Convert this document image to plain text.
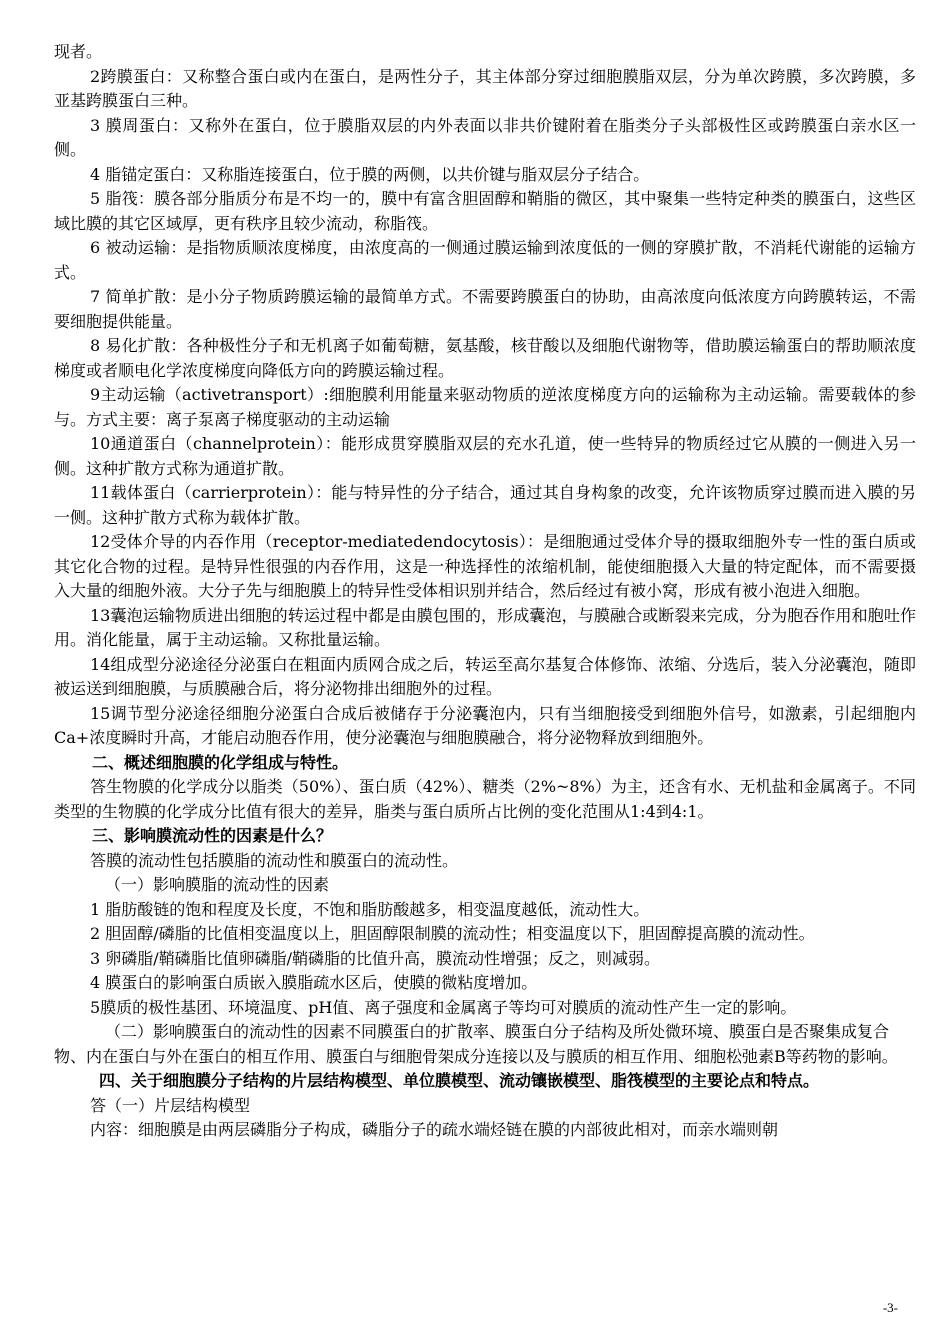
现者。

2跨膜蛋白：又称整合蛋白或内在蛋白，是两性分子，其主体部分穿过细胞膜脂双层，分为单次跨膜，多次跨膜，多亚基跨膜蛋白三种。

3 膜周蛋白：又称外在蛋白，位于膜脂双层的内外表面以非共价键附着在脂类分子头部极性区或跨膜蛋白亲水区一侧。

4 脂锚定蛋白：又称脂连接蛋白，位于膜的两侧，以共价键与脂双层分子结合。

5 脂筏：膜各部分脂质分布是不均一的，膜中有富含胆固醇和鞘脂的微区，其中聚集一些特定种类的膜蛋白，这些区域比膜的其它区域厚，更有秩序且较少流动，称脂筏。

6 被动运输：是指物质顺浓度梯度，由浓度高的一侧通过膜运输到浓度低的一侧的穿膜扩散，不消耗代谢能的运输方式。

7 简单扩散：是小分子物质跨膜运输的最简单方式。不需要跨膜蛋白的协助，由高浓度向低浓度方向跨膜转运，不需要细胞提供能量。

8 易化扩散：各种极性分子和无机离子如葡萄糖，氨基酸，核苷酸以及细胞代谢物等，借助膜运输蛋白的帮助顺浓度梯度或者顺电化学浓度梯度向降低方向的跨膜运输过程。

9主动运输（activetransport）:细胞膜利用能量来驱动物质的逆浓度梯度方向的运输称为主动运输。需要载体的参与。方式主要：离子泵离子梯度驱动的主动运输

10通道蛋白（channelprotein）：能形成贯穿膜脂双层的充水孔道，使一些特异的物质经过它从膜的一侧进入另一侧。这种扩散方式称为通道扩散。

11载体蛋白（carrierprotein）：能与特异性的分子结合，通过其自身构象的改变，允许该物质穿过膜而进入膜的另一侧。这种扩散方式称为载体扩散。

12受体介导的内吞作用（receptor-mediatedendocytosis）：是细胞通过受体介导的摄取细胞外专一性的蛋白质或其它化合物的过程。是特异性很强的内吞作用，这是一种选择性的浓缩机制，能使细胞摄入大量的特定配体，而不需要摄入大量的细胞外液。大分子先与细胞膜上的特异性受体相识别并结合，然后经过有被小窝，形成有被小泡进入细胞。

13囊泡运输物质进出细胞的转运过程中都是由膜包围的，形成囊泡，与膜融合或断裂来完成，分为胞吞作用和胞吐作用。消化能量，属于主动运输。又称批量运输。

14组成型分泌途径分泌蛋白在粗面内质网合成之后，转运至高尔基复合体修饰、浓缩、分选后，装入分泌囊泡，随即被运送到细胞膜，与质膜融合后，将分泌物排出细胞外的过程。

15调节型分泌途径细胞分泌蛋白合成后被储存于分泌囊泡内，只有当细胞接受到细胞外信号，如激素，引起细胞内Ca+浓度瞬时升高，才能启动胞吞作用，使分泌囊泡与细胞膜融合，将分泌物释放到细胞外。

二、概述细胞膜的化学组成与特性。

答生物膜的化学成分以脂类（50%）、蛋白质（42%）、糖类（2%~8%）为主，还含有水、无机盐和金属离子。不同类型的生物膜的化学成分比值有很大的差异，脂类与蛋白质所占比例的变化范围从1:4到4:1。

三、影响膜流动性的因素是什么？

答膜的流动性包括膜脂的流动性和膜蛋白的流动性。

（一）影响膜脂的流动性的因素

1 脂肪酸链的饱和程度及长度，不饱和脂肪酸越多，相变温度越低，流动性大。

2 胆固醇/磷脂的比值相变温度以上，胆固醇限制膜的流动性；相变温度以下，胆固醇提高膜的流动性。

3 卵磷脂/鞘磷脂比值卵磷脂/鞘磷脂的比值升高，膜流动性增强；反之，则减弱。

4 膜蛋白的影响蛋白质嵌入膜脂疏水区后，使膜的微粘度增加。

5膜质的极性基团、环境温度、pH值、离子强度和金属离子等均可对膜质的流动性产生一定的影响。

（二）影响膜蛋白的流动性的因素不同膜蛋白的扩散率、膜蛋白分子结构及所处微环境、膜蛋白是否聚集成复合物、内在蛋白与外在蛋白的相互作用、膜蛋白与细胞骨架成分连接以及与膜质的相互作用、细胞松弛素B等药物的影响。

四、关于细胞膜分子结构的片层结构模型、单位膜模型、流动镶嵌模型、脂筏模型的主要论点和特点。

答（一）片层结构模型

内容：细胞膜是由两层磷脂分子构成，磷脂分子的疏水端烃链在膜的内部彼此相对，而亲水端则朝

-3-
